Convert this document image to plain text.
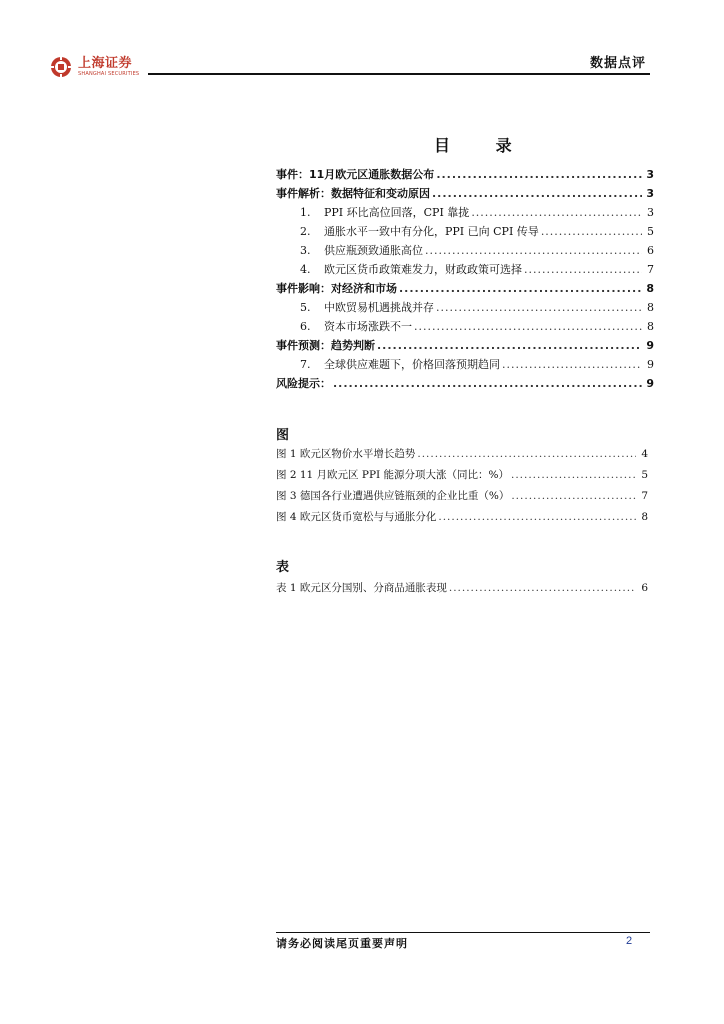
上海证券
SHANGHAI SECURITIES
数据点评
目 录
事件：11月欧元区通胀数据公布 .....	3
事件解析：数据特征和变动原因 .....	3
1.	PPI 环比高位回落，CPI 靠拢 .....	3
2.	通胀水平一致中有分化，PPI 已向 CPI 传导 .....	5
3.	供应瓶颈致通胀高位 .....	6
4.	欧元区货币政策难发力，财政政策可选择 .....	7
事件影响：对经济和市场 .....	8
5.	中欧贸易机遇挑战并存 .....	8
6.	资本市场涨跌不一 .....	8
事件预测：趋势判断 .....	9
7.	全球供应难题下，价格回落预期趋同 .....	9
风险提示： .....	9
图
图 1 欧元区物价水平增长趋势 .....	4
图 2 11 月欧元区 PPI 能源分项大涨（同比：%） .....	5
图 3 德国各行业遭遇供应链瓶颈的企业比重（%） .....	7
图 4 欧元区货币宽松与与通胀分化 .....	8
表
表 1 欧元区分国别、分商品通胀表现 .....	6
请务必阅读尾页重要声明	2
